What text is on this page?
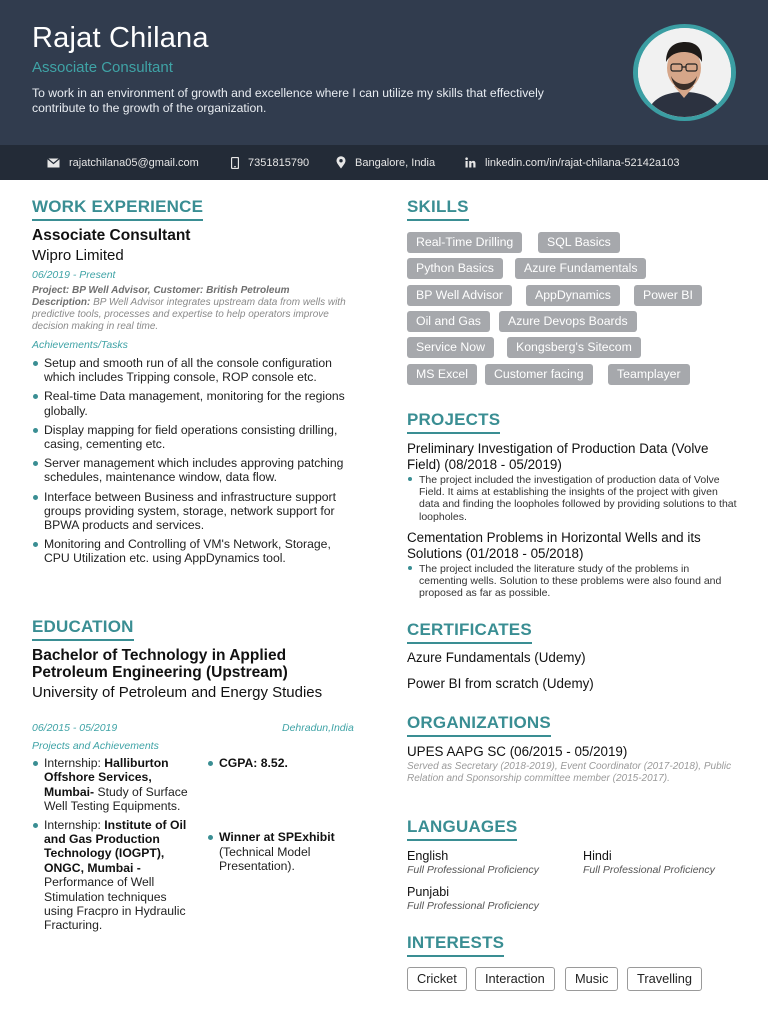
Rajat Chilana
Associate Consultant
To work in an environment of growth and excellence where I can utilize my skills that effectively contribute to the growth of the organization.
rajatchilana05@gmail.com	7351815790	Bangalore, India	linkedin.com/in/rajat-chilana-52142a103
WORK EXPERIENCE
Associate Consultant
Wipro Limited
06/2019 - Present
Project: BP Well Advisor, Customer: British Petroleum
Description: BP Well Advisor integrates upstream data from wells with predictive tools, processes and expertise to help operators improve decision making in real time.
Achievements/Tasks
Setup and smooth run of all the console configuration which includes Tripping console, ROP console etc.
Real-time Data management, monitoring for the regions globally.
Display mapping for field operations consisting drilling, casing, cementing etc.
Server management which includes approving patching schedules, maintenance window, data flow.
Interface between Business and infrastructure support groups providing system, storage, network support for BPWA products and services.
Monitoring and Controlling of VM's Network, Storage, CPU Utilization etc. using AppDynamics tool.
EDUCATION
Bachelor of Technology in Applied Petroleum Engineering (Upstream)
University of Petroleum and Energy Studies
06/2015 - 05/2019	Dehradun,India
Projects and Achievements
Internship: Halliburton Offshore Services, Mumbai- Study of Surface Well Testing Equipments.
Internship: Institute of Oil and Gas Production Technology (IOGPT), ONGC, Mumbai - Performance of Well Stimulation techniques using Fracpro in Hydraulic Fracturing.
CGPA: 8.52.
Winner at SPExhibit (Technical Model Presentation).
SKILLS
Real-Time Drilling	SQL Basics
Python Basics	Azure Fundamentals
BP Well Advisor	AppDynamics	Power BI
Oil and Gas	Azure Devops Boards
Service Now	Kongsberg's Sitecom
MS Excel	Customer facing	Teamplayer
PROJECTS
Preliminary Investigation of Production Data (Volve Field) (08/2018 - 05/2019)
The project included the investigation of production data of Volve Field. It aims at establishing the insights of the project with given data and finding the loopholes followed by providing solutions to that loopholes.
Cementation Problems in Horizontal Wells and its Solutions (01/2018 - 05/2018)
The project included the literature study of the problems in cementing wells. Solution to these problems were also found and proposed as far as possible.
CERTIFICATES
Azure Fundamentals (Udemy)
Power BI from scratch (Udemy)
ORGANIZATIONS
UPES AAPG SC (06/2015 - 05/2019)
Served as Secretary (2018-2019), Event Coordinator (2017-2018), Public Relation and Sponsorship committee member (2015-2017).
LANGUAGES
English
Full Professional Proficiency
Hindi
Full Professional Proficiency
Punjabi
Full Professional Proficiency
INTERESTS
Cricket	Interaction	Music	Travelling
